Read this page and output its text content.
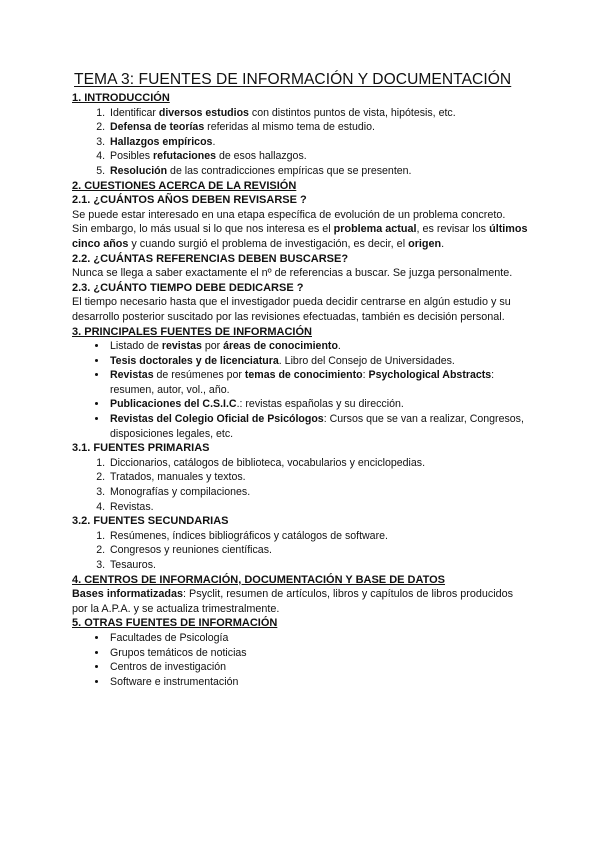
TEMA 3: FUENTES DE INFORMACIÓN Y DOCUMENTACIÓN
1. INTRODUCCIÓN
1. Identificar diversos estudios con distintos puntos de vista, hipótesis, etc.
2. Defensa de teorías referidas al mismo tema de estudio.
3. Hallazgos empíricos.
4. Posibles refutaciones de esos hallazgos.
5. Resolución de las contradicciones empíricas que se presenten.
2. CUESTIONES ACERCA DE LA REVISIÓN
2.1. ¿CUÁNTOS AÑOS DEBEN REVISARSE ?

Se puede estar interesado en una etapa específica de evolución de un problema concreto.

Sin embargo, lo más usual si lo que nos interesa es el problema actual, es revisar los últimos cinco años y cuando surgió el problema de investigación, es decir, el origen.

2.2. ¿CUÁNTAS REFERENCIAS DEBEN BUSCARSE?

Nunca se llega a saber exactamente el nº de referencias a buscar. Se juzga personalmente.

2.3. ¿CUÁNTO TIEMPO DEBE DEDICARSE ?

El tiempo necesario hasta que el investigador pueda decidir centrarse en algún estudio y su desarrollo posterior suscitado por las revisiones efectuadas, también es decisión personal.

3. PRINCIPALES FUENTES DE INFORMACIÓN
• Listado de revistas por áreas de conocimiento.
• Tesis doctorales y de licenciatura. Libro del Consejo de Universidades.
• Revistas de resúmenes por temas de conocimiento: Psychological Abstracts: resumen, autor, vol., año.
• Publicaciones del C.S.I.C.: revistas españolas y su dirección.
• Revistas del Colegio Oficial de Psicólogos: Cursos que se van a realizar, Congresos, disposiciones legales, etc.
3.1. FUENTES PRIMARIAS
1. Diccionarios, catálogos de biblioteca, vocabularios y enciclopedias.
2. Tratados, manuales y textos.
3. Monografías y compilaciones.
4. Revistas.
3.2. FUENTES SECUNDARIAS
1. Resúmenes, índices bibliográficos y catálogos de software.
2. Congresos y reuniones científicas.
3. Tesauros.
4. CENTROS DE INFORMACIÓN, DOCUMENTACIÓN Y BASE DE DATOS

Bases informatizadas: Psyclit, resumen de artículos, libros y capítulos de libros producidos por la A.P.A. y se actualiza trimestralmente.

5. OTRAS FUENTES DE INFORMACIÓN
• Facultades de Psicología
• Grupos temáticos de noticias
• Centros de investigación
• Software e instrumentación
